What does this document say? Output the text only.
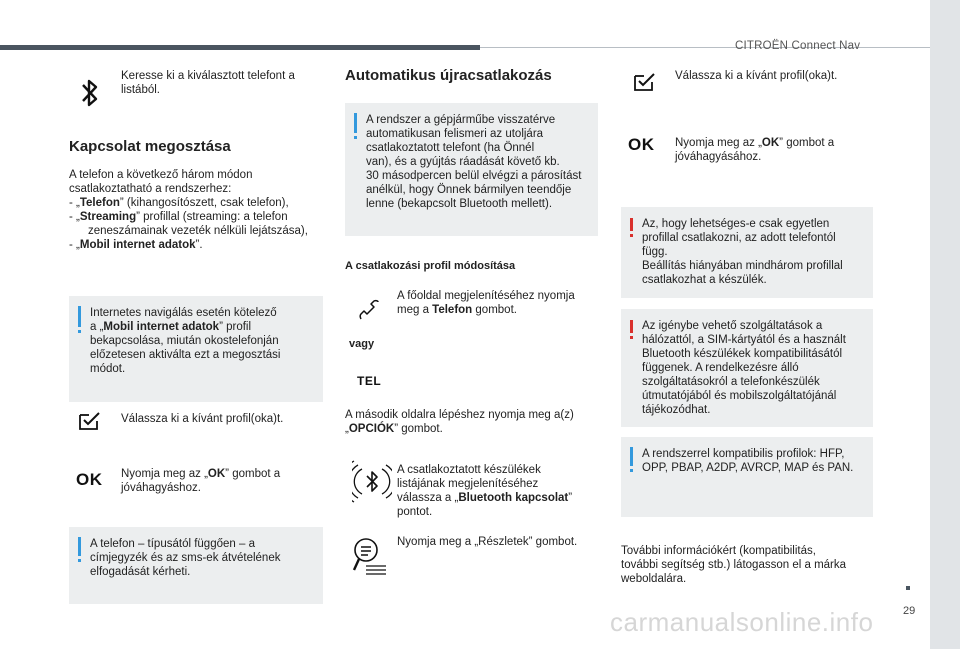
CITROËN Connect Nav
29
carmanualsonline.info
Keresse ki a kiválasztott telefont a listából.
Kapcsolat megosztása
A telefon a következő három módon
csatlakoztatható a rendszerhez:
- „Telefon” (kihangosítószett, csak telefon),
- „Streaming” profillal (streaming: a telefon
zeneszámainak vezeték nélküli lejátszása),
- „Mobil internet adatok”.
Internetes navigálás esetén kötelező
a „Mobil internet adatok” profil
bekapcsolása, miután okostelefonján
előzetesen aktiválta ezt a megosztási
módot.
Válassza ki a kívánt profil(oka)t.
OK Nyomja meg az „OK” gombot a
jóváhagyáshoz.
A telefon – típusától függően – a
címjegyzék és az sms-ek átvételének
elfogadását kérheti.
Automatikus újracsatlakozás
A rendszer a gépjárműbe visszatérve
automatikusan felismeri az utoljára
csatlakoztatott telefont (ha Önnél
van), és a gyújtás ráadását követő kb.
30 másodpercen belül elvégzi a párosítást
anélkül, hogy Önnek bármilyen teendője
lenne (bekapcsolt Bluetooth mellett).
A csatlakozási profil módosítása
A főoldal megjelenítéséhez nyomja
meg a Telefon gombot.
vagy
TEL
A második oldalra lépéshez nyomja meg a(z)
„OPCIÓK” gombot.
A csatlakoztatott készülékek
listájának megjelenítéséhez
válassza a „Bluetooth kapcsolat”
pontot.
Nyomja meg a „Részletek” gombot.
Válassza ki a kívánt profil(oka)t.
OK Nyomja meg az „OK” gombot a
jóváhagyásához.
Az, hogy lehetséges-e csak egyetlen
profillal csatlakozni, az adott telefontól
függ.
Beállítás hiányában mindhárom profillal
csatlakozhat a készülék.
Az igénybe vehető szolgáltatások a
hálózattól, a SIM-kártyától és a használt
Bluetooth készülékek kompatibilitásától
függenek. A rendelkezésre álló
szolgáltatásokról a telefonkészülék
útmutatójából és mobilszolgáltatójánál
tájékozódhat.
A rendszerrel kompatibilis profilok: HFP,
OPP, PBAP, A2DP, AVRCP, MAP és PAN.
További információkért (kompatibilitás,
további segítség stb.) látogasson el a márka
weboldalára.
